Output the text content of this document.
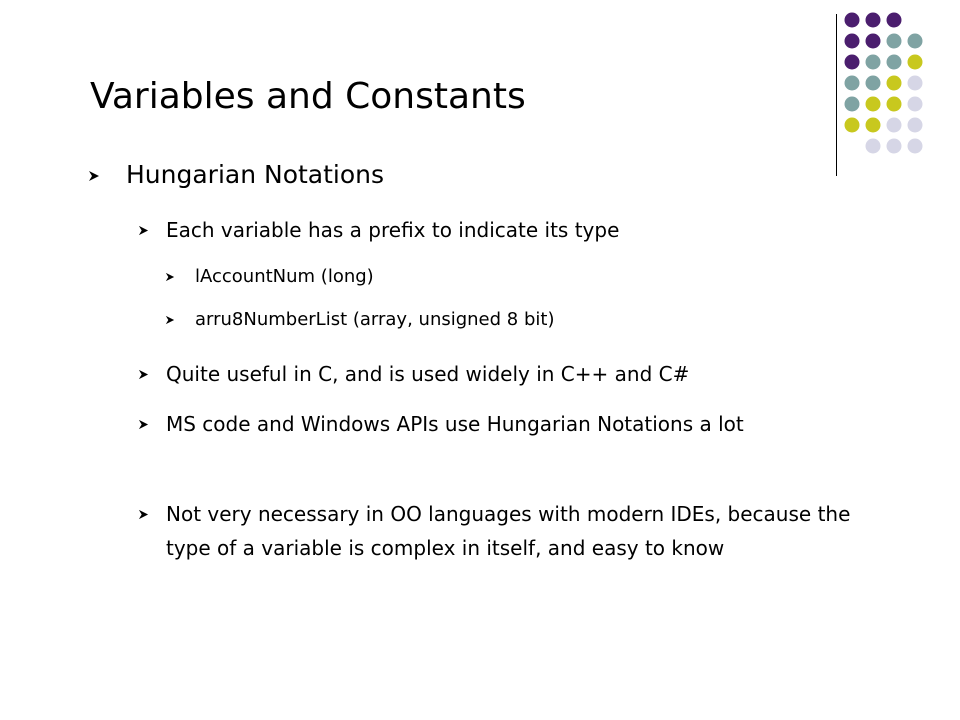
Variables and Constants
Hungarian Notations
Each variable has a prefix to indicate its type
lAccountNum (long)
arru8NumberList (array, unsigned 8 bit)
Quite useful in C, and is used widely in C++ and C#
MS code and Windows APIs use Hungarian Notations a lot
Not very necessary in OO languages with modern IDEs, because the type of a variable is complex in itself, and easy to know
